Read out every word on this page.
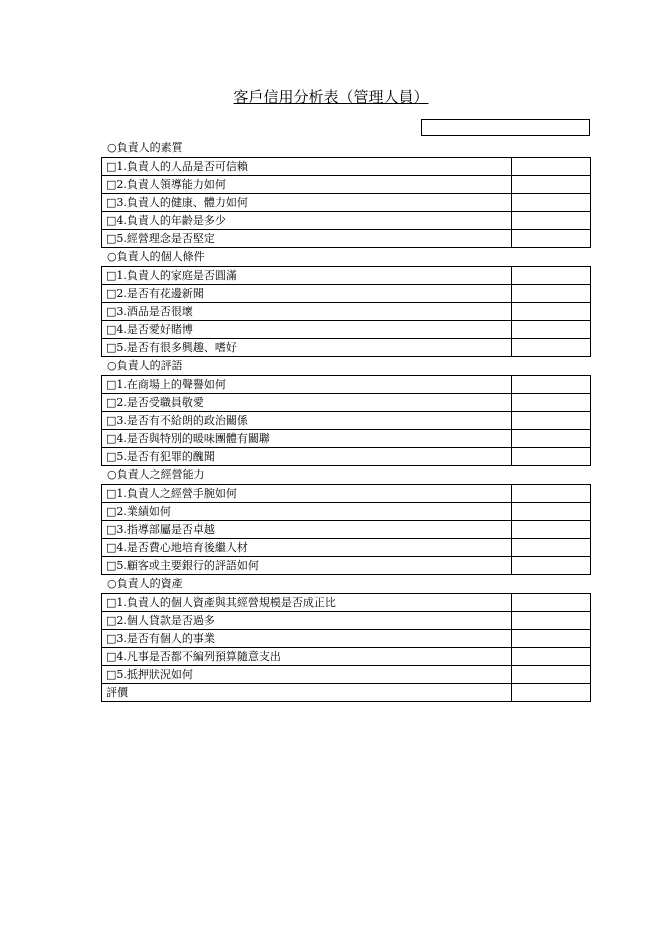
客戶信用分析表（管理人員）
○負責人的素質
□1.負責人的人品是否可信賴	
□2.負責人領導能力如何	
□3.負責人的健康、體力如何	
□4.負責人的年齡是多少	
□5.經營理念是否堅定	
○負責人的個人條件
□1.負責人的家庭是否圓滿	
□2.是否有花邊新聞	
□3.酒品是否很壞	
□4.是否愛好賭博	
□5.是否有很多興趣、嗜好	
○負責人的評語
□1.在商場上的聲譽如何	
□2.是否受職員敬愛	
□3.是否有不給朗的政治關係	
□4.是否與特別的暖味團體有關聯	
□5.是否有犯罪的醜聞	
○負責人之經營能力
□1.負責人之經營手腕如何	
□2.業績如何	
□3.指導部屬是否卓越	
□4.是否費心地培育後繼人材	
□5.顧客或主要銀行的評語如何	
○負責人的資產
□1.負責人的個人資產與其經營規模是否成正比	
□2.個人貸款是否過多	
□3.是否有個人的事業	
□4.凡事是否都不編列預算隨意支出	
□5.抵押狀況如何	
評價	
